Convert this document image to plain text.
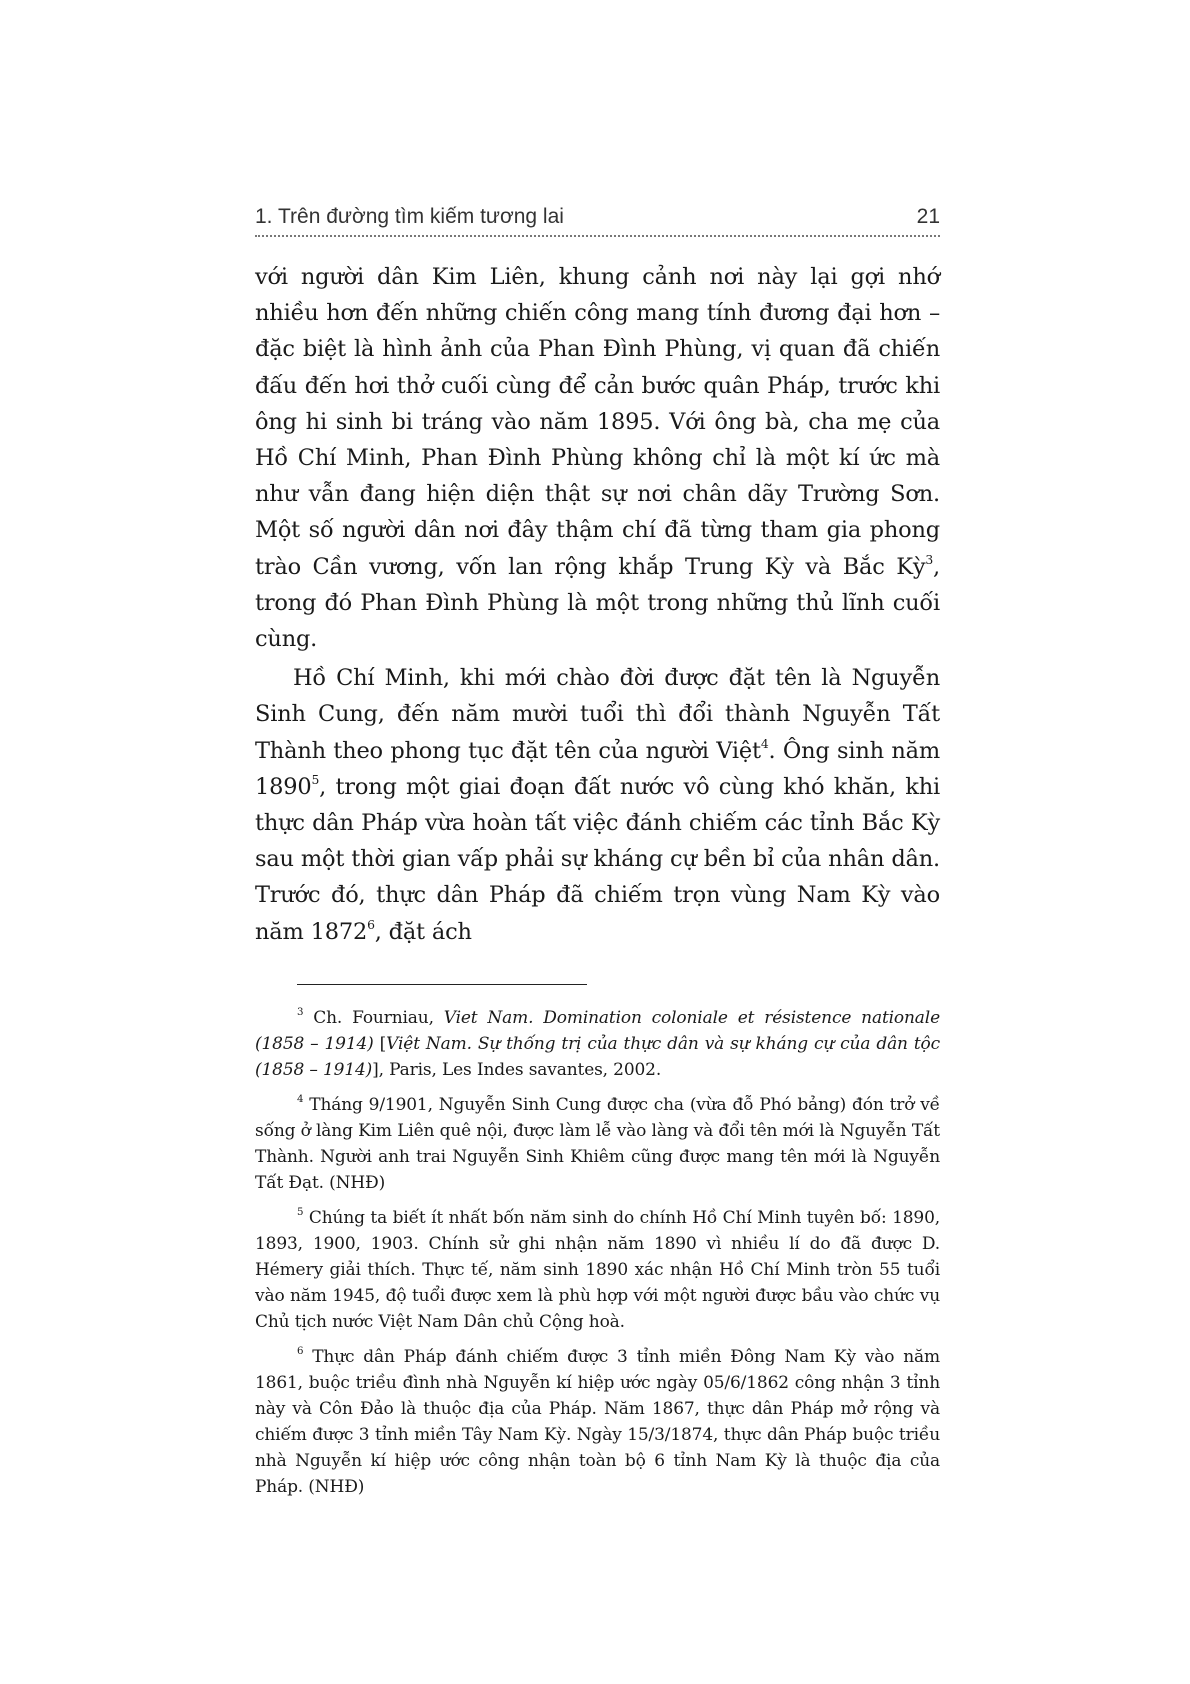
1. Trên đường tìm kiếm tương lai	21

với người dân Kim Liên, khung cảnh nơi này lại gợi nhớ nhiều hơn đến những chiến công mang tính đương đại hơn – đặc biệt là hình ảnh của Phan Đình Phùng, vị quan đã chiến đấu đến hơi thở cuối cùng để cản bước quân Pháp, trước khi ông hi sinh bi tráng vào năm 1895. Với ông bà, cha mẹ của Hồ Chí Minh, Phan Đình Phùng không chỉ là một kí ức mà như vẫn đang hiện diện thật sự nơi chân dãy Trường Sơn. Một số người dân nơi đây thậm chí đã từng tham gia phong trào Cần vương, vốn lan rộng khắp Trung Kỳ và Bắc Kỳ$^3$, trong đó Phan Đình Phùng là một trong những thủ lĩnh cuối cùng.

Hồ Chí Minh, khi mới chào đời được đặt tên là Nguyễn Sinh Cung, đến năm mười tuổi thì đổi thành Nguyễn Tất Thành theo phong tục đặt tên của người Việt$^4$. Ông sinh năm 1890$^5$, trong một giai đoạn đất nước vô cùng khó khăn, khi thực dân Pháp vừa hoàn tất việc đánh chiếm các tỉnh Bắc Kỳ sau một thời gian vấp phải sự kháng cự bền bỉ của nhân dân. Trước đó, thực dân Pháp đã chiếm trọn vùng Nam Kỳ vào năm 1872$^6$, đặt ách

$^3$ Ch. Fourniau, Viet Nam. Domination coloniale et résistence nationale (1858 – 1914) [Việt Nam. Sự thống trị của thực dân và sự kháng cự của dân tộc (1858 – 1914)], Paris, Les Indes savantes, 2002.

$^4$ Tháng 9/1901, Nguyễn Sinh Cung được cha (vừa đỗ Phó bảng) đón trở về sống ở làng Kim Liên quê nội, được làm lễ vào làng và đổi tên mới là Nguyễn Tất Thành. Người anh trai Nguyễn Sinh Khiêm cũng được mang tên mới là Nguyễn Tất Đạt. (NHĐ)

$^5$ Chúng ta biết ít nhất bốn năm sinh do chính Hồ Chí Minh tuyên bố: 1890, 1893, 1900, 1903. Chính sử ghi nhận năm 1890 vì nhiều lí do đã được D. Hémery giải thích. Thực tế, năm sinh 1890 xác nhận Hồ Chí Minh tròn 55 tuổi vào năm 1945, độ tuổi được xem là phù hợp với một người được bầu vào chức vụ Chủ tịch nước Việt Nam Dân chủ Cộng hoà.

$^6$ Thực dân Pháp đánh chiếm được 3 tỉnh miền Đông Nam Kỳ vào năm 1861, buộc triều đình nhà Nguyễn kí hiệp ước ngày 05/6/1862 công nhận 3 tỉnh này và Côn Đảo là thuộc địa của Pháp. Năm 1867, thực dân Pháp mở rộng và chiếm được 3 tỉnh miền Tây Nam Kỳ. Ngày 15/3/1874, thực dân Pháp buộc triều nhà Nguyễn kí hiệp ước công nhận toàn bộ 6 tỉnh Nam Kỳ là thuộc địa của Pháp. (NHĐ)
